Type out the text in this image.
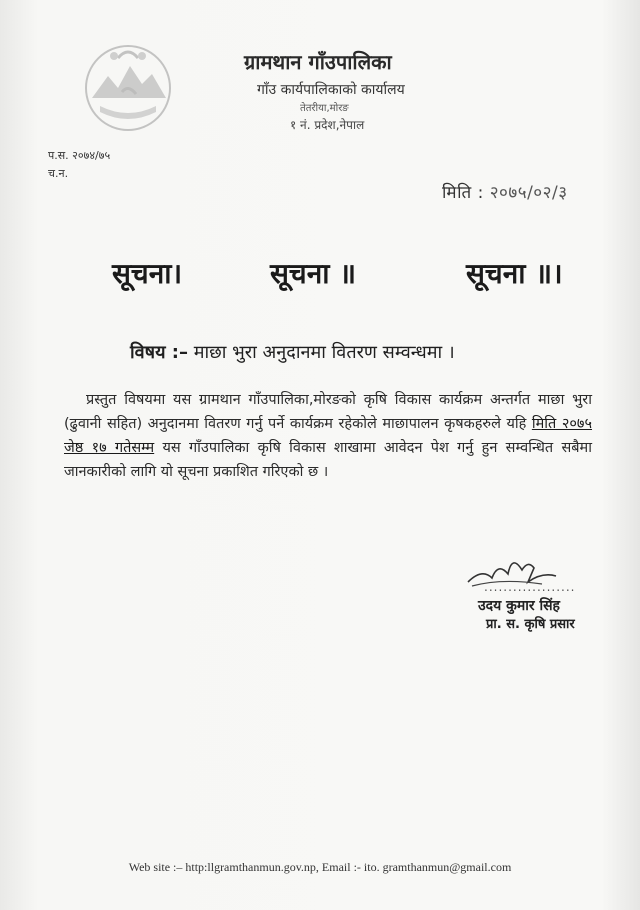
ग्रामथान गाँउपालिका
गाँउ कार्यपालिकाको कार्यालय
तेतरीया,मोरङ
१ नं. प्रदेश,नेपाल
प.स. २०७४/७५
च.न.
मिति : २०७५/०२/३
सूचना।	सूचना ॥	सूचना ॥।
विषय :– माछा भुरा अनुदानमा वितरण सम्वन्धमा ।

प्रस्तुत विषयमा यस ग्रामथान गाँउपालिका,मोरङको कृषि विकास कार्यक्रम अन्तर्गत माछा भुरा (ढुवानी सहित) अनुदानमा वितरण गर्नु पर्ने कार्यक्रम रहेकोले माछापालन कृषकहरुले यहि मिति २०७५ जेष्ठ १७ गतेसम्म यस गाँउपालिका कृषि विकास शाखामा आवेदन पेश गर्नु हुन सम्वन्धित सबैमा जानकारीको लागि यो सूचना प्रकाशित गरिएको छ ।

...................
उदय कुमार सिंह
प्रा. स. कृषि प्रसार
Web site :– http:llgramthanmun.gov.np, Email :- ito. gramthanmun@gmail.com
